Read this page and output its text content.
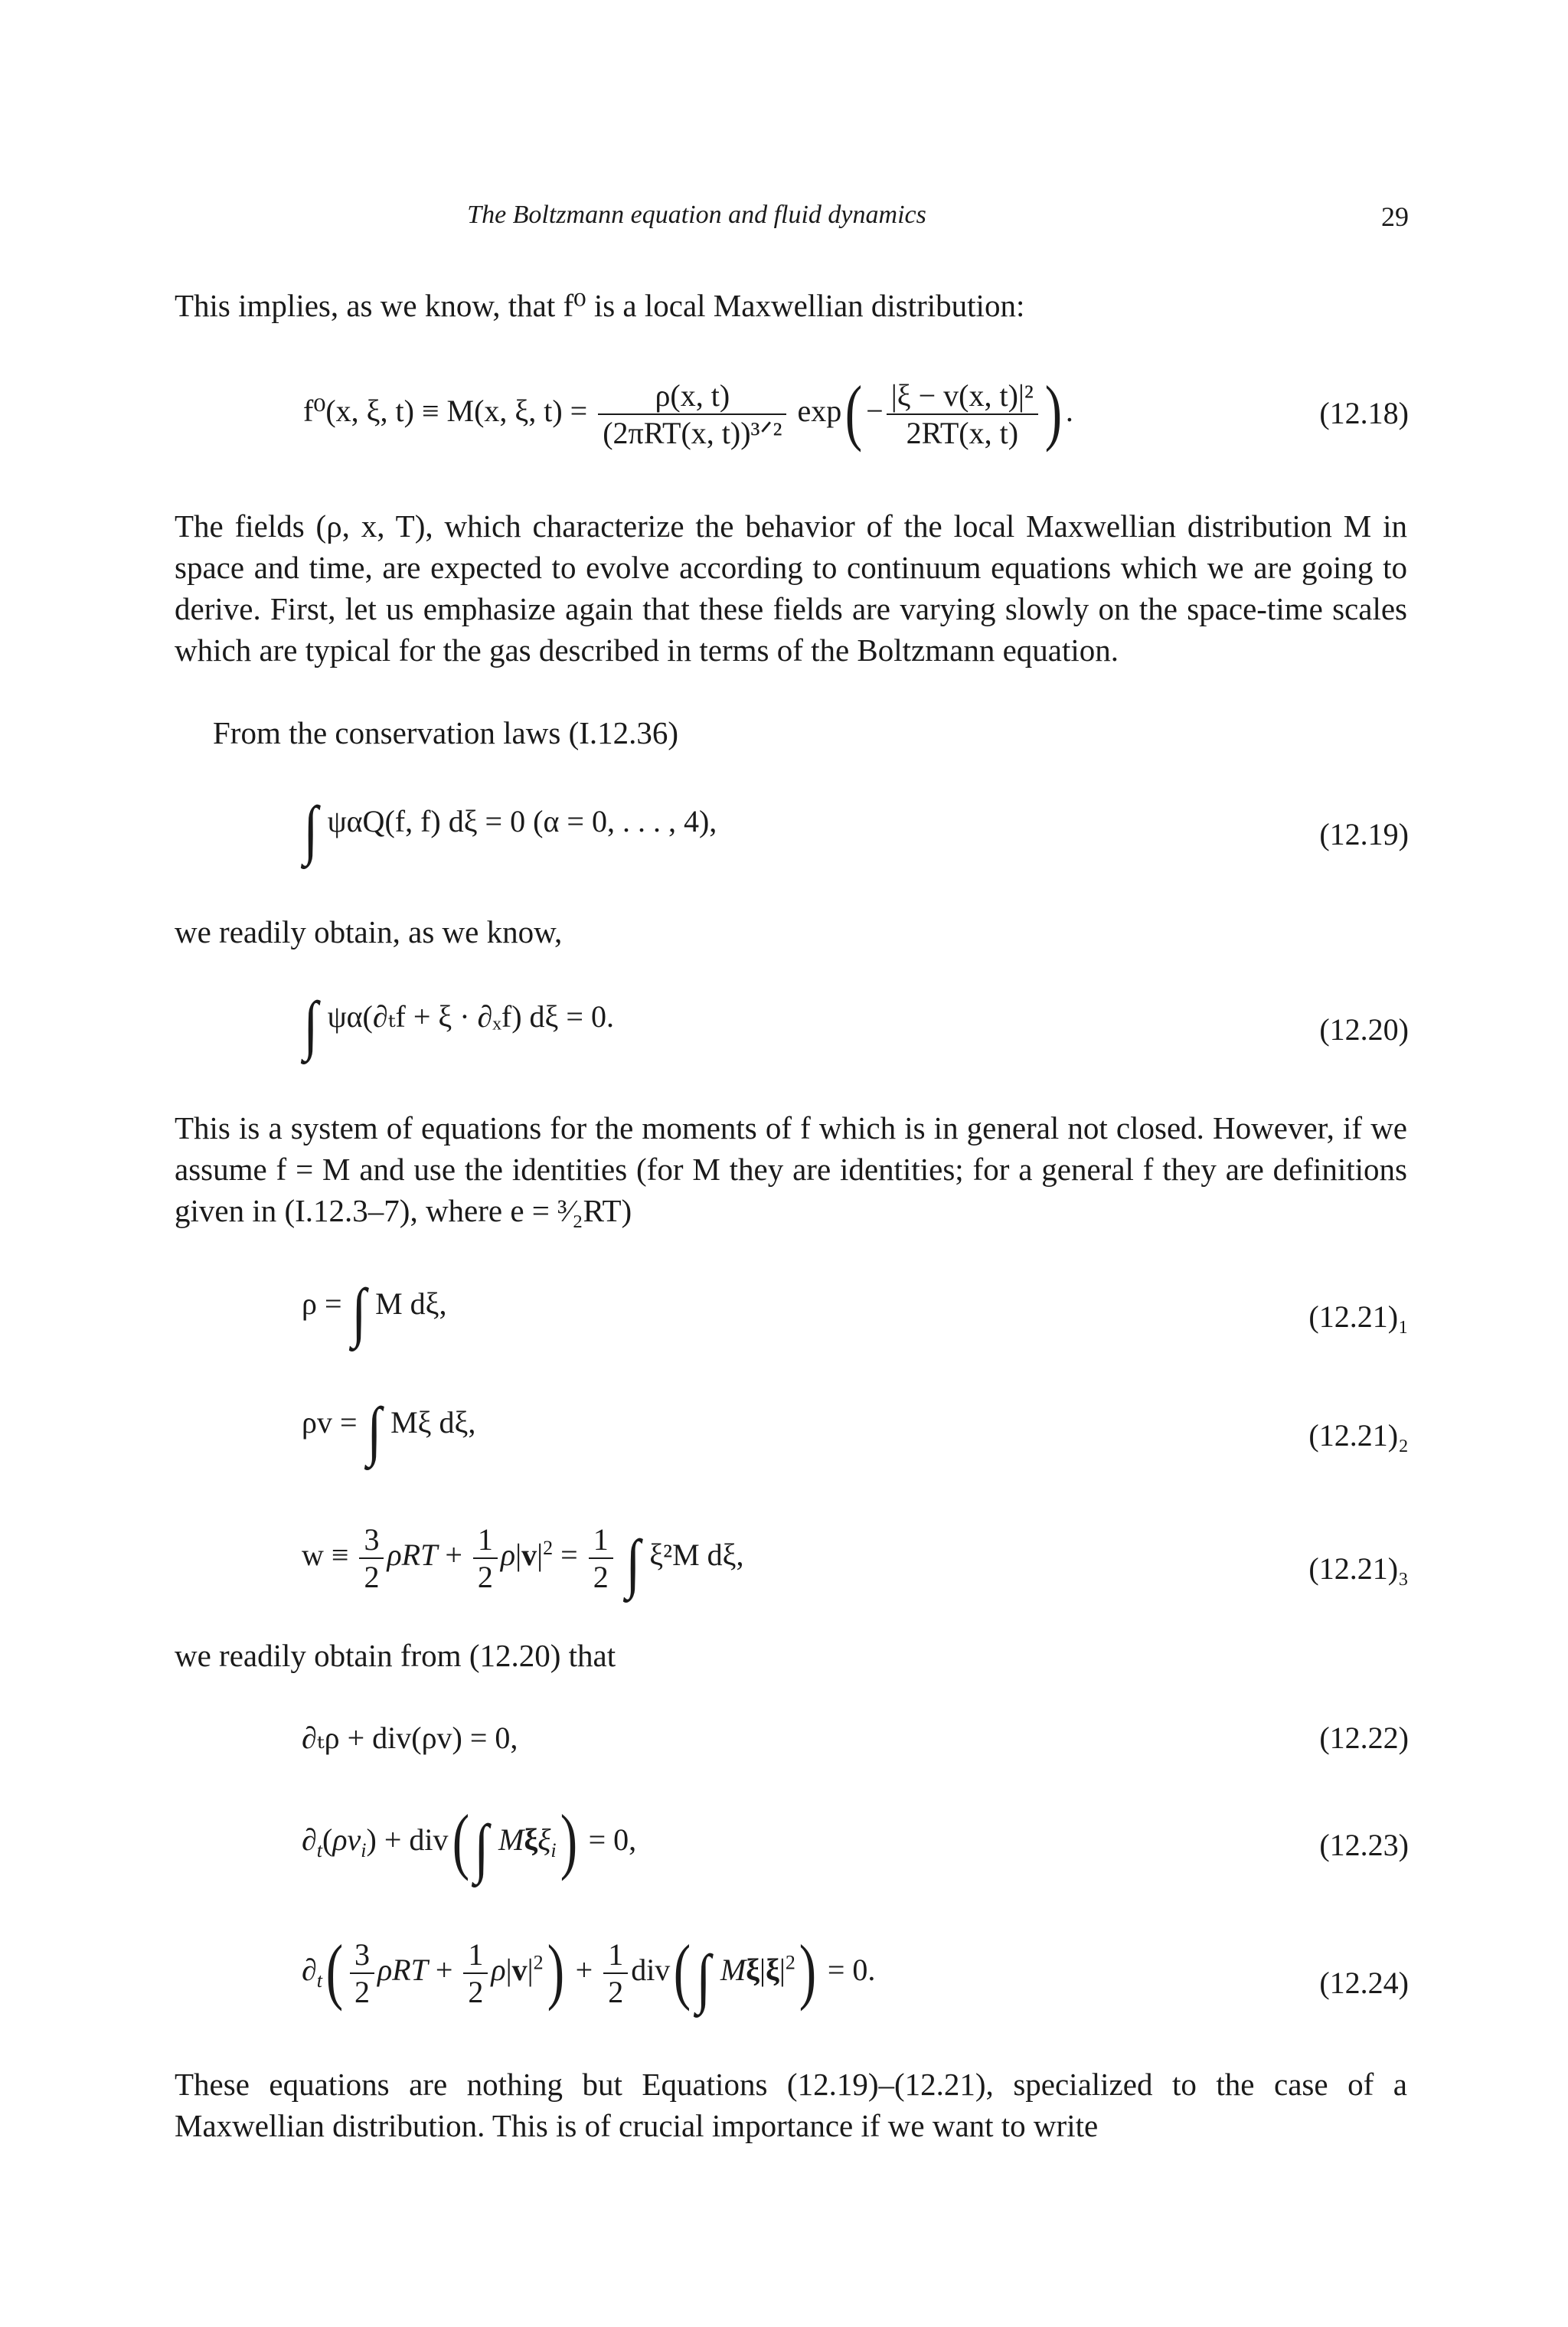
The Boltzmann equation and fluid dynamics	29

This implies, as we know, that f⁰ is a local Maxwellian distribution:

f⁰(x, ξ, t) ≡ M(x, ξ, $t) = \frac{\rho(x, t)}{\text{(2πRT(x, t))³ᐟ²}} \exp( - \frac{\text{|ξ − v(x, t)|²}}{2RT(x, t)}$ ) .	(12.18)

The fields (ρ, x, T), which characterize the behavior of the local Maxwellian distribution M in space and time, are expected to evolve according to continuum equations which we are going to derive. First, let us emphasize again that these fields are varying slowly on the space-time scales which are typical for the gas described in terms of the Boltzmann equation.

From the conservation laws (I.12.36)

∫ ψαQ(f, f) dξ = 0 (α = 0, . . . , 4),	(12.19)

we readily obtain, as we know,

∫ ψα(∂ₜf + ξ · ∂ₓf) dξ = 0.	(12.20)

This is a system of equations for the moments of f which is in general not closed. However, if we assume f = M and use the identities (for M they are identities; for a general f they are definitions given in (I.12.3–7), where e = ³⁄₂RT)

ρ = ∫ M dξ,	(12.21)₁
ρv = ∫ Mξ dξ,	(12.21)₂
$w \equiv \frac{3}{2}$ $\rho RT + \frac{1}{2} \rho|v|^2 = \frac{1}{2}$ ∫ ξ²M dξ,	(12.21)₃

we readily obtain from (12.20) that

∂ₜρ + div(ρv) = 0,	(12.22)
$\partial_t(\rho v_i) + div(\int$ Mξξ$_i$) = 0,	(12.23)
$\partial_t( \frac{3}{2}$ $\rho RT + \frac{1}{2} \rho|v|^2) + \frac{1}{2} div(\int$ $M\xi|\xi|^2) = 0$.	(12.24)

These equations are nothing but Equations (12.19)–(12.21), specialized to the case of a Maxwellian distribution. This is of crucial importance if we want to write
